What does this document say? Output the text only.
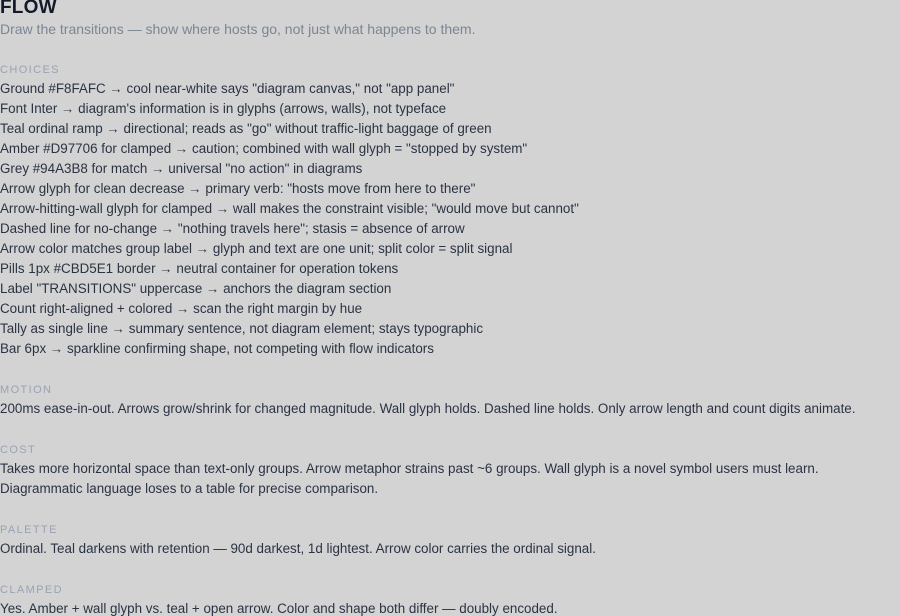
FLOW
Draw the transitions — show where hosts go, not just what happens to them.
CHOICES
Ground #F8FAFC → cool near-white says "diagram canvas," not "app panel"
Font Inter → diagram's information is in glyphs (arrows, walls), not typeface
Teal ordinal ramp → directional; reads as "go" without traffic-light baggage of green
Amber #D97706 for clamped → caution; combined with wall glyph = "stopped by system"
Grey #94A3B8 for match → universal "no action" in diagrams
Arrow glyph for clean decrease → primary verb: "hosts move from here to there"
Arrow-hitting-wall glyph for clamped → wall makes the constraint visible; "would move but cannot"
Dashed line for no-change → "nothing travels here"; stasis = absence of arrow
Arrow color matches group label → glyph and text are one unit; split color = split signal
Pills 1px #CBD5E1 border → neutral container for operation tokens
Label "TRANSITIONS" uppercase → anchors the diagram section
Count right-aligned + colored → scan the right margin by hue
Tally as single line → summary sentence, not diagram element; stays typographic
Bar 6px → sparkline confirming shape, not competing with flow indicators
MOTION

200ms ease-in-out. Arrows grow/shrink for changed magnitude. Wall glyph holds. Dashed line holds. Only arrow length and count digits animate.

COST

Takes more horizontal space than text-only groups. Arrow metaphor strains past ~6 groups. Wall glyph is a novel symbol users must learn. Diagrammatic language loses to a table for precise comparison.

PALETTE

Ordinal. Teal darkens with retention — 90d darkest, 1d lightest. Arrow color carries the ordinal signal.

CLAMPED

Yes. Amber + wall glyph vs. teal + open arrow. Color and shape both differ — doubly encoded.
